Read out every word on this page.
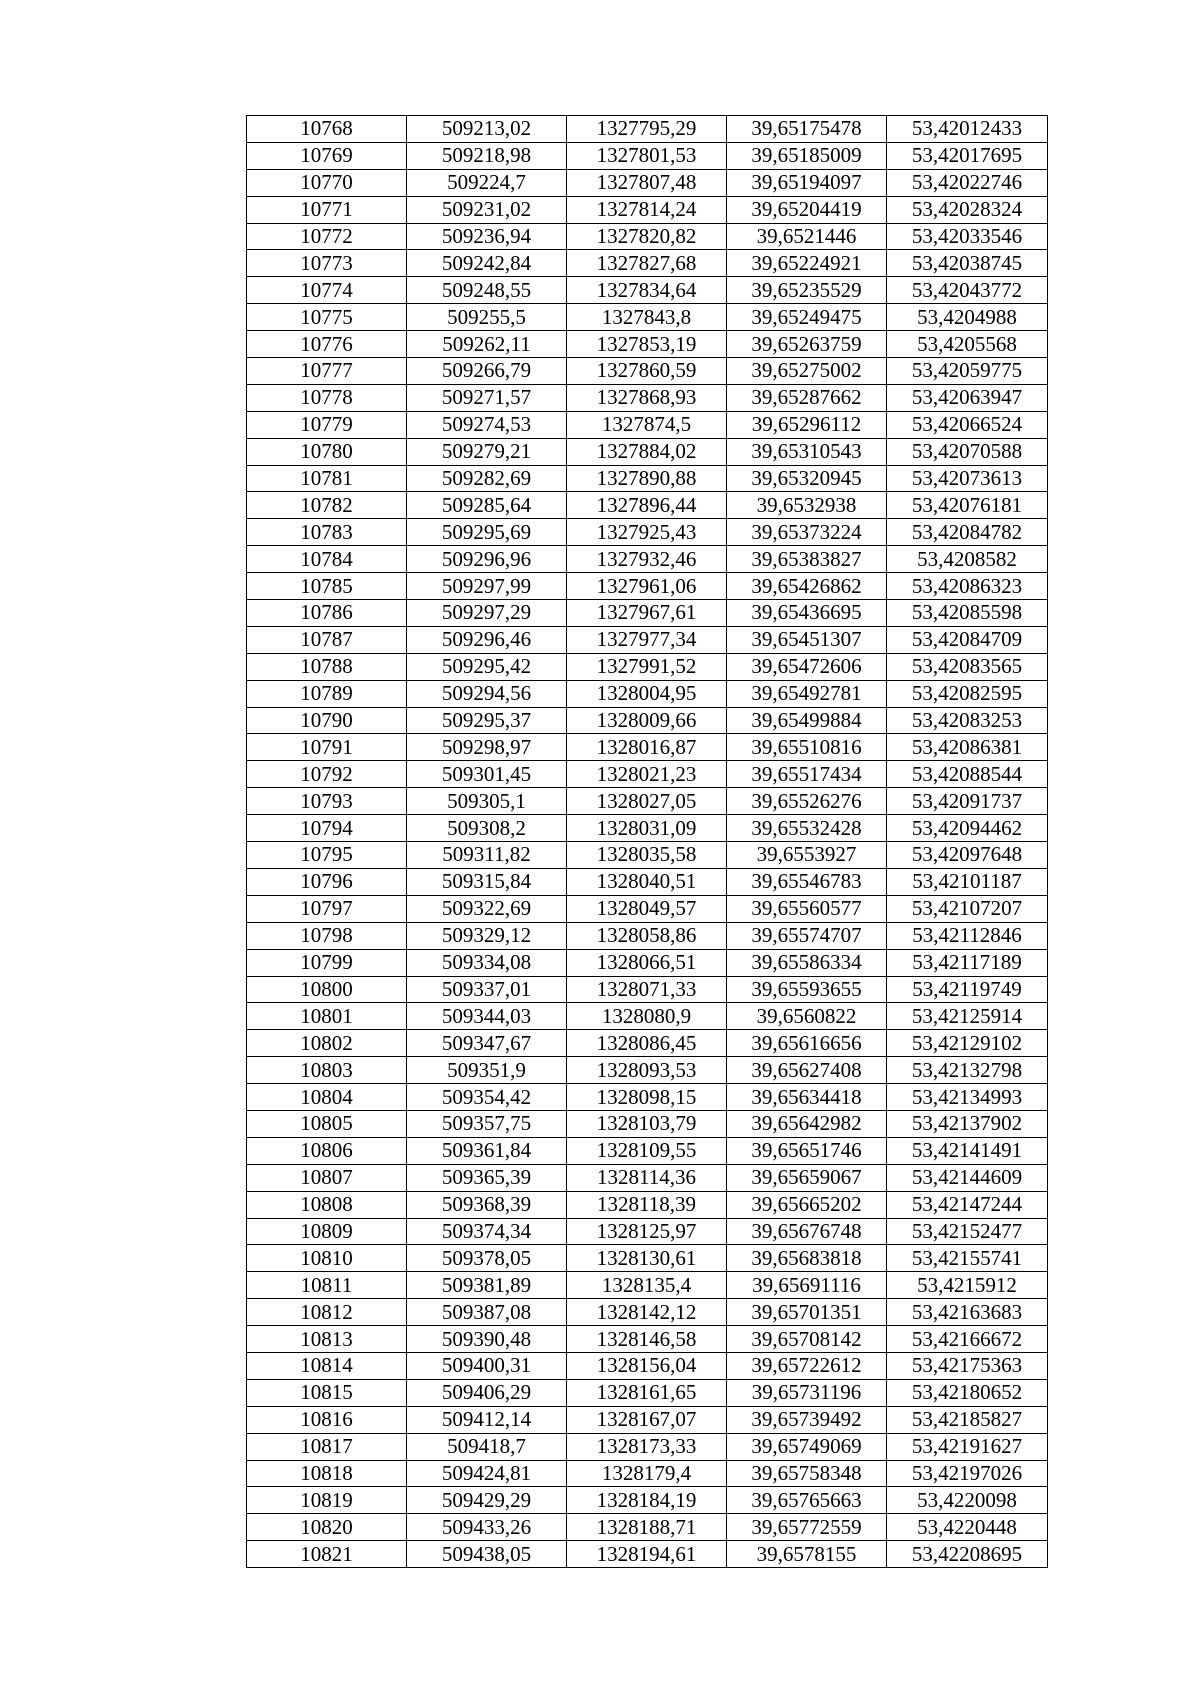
10768	509213,02	1327795,29	39,65175478	53,42012433
10769	509218,98	1327801,53	39,65185009	53,42017695
10770	509224,7	1327807,48	39,65194097	53,42022746
10771	509231,02	1327814,24	39,65204419	53,42028324
10772	509236,94	1327820,82	39,6521446	53,42033546
10773	509242,84	1327827,68	39,65224921	53,42038745
10774	509248,55	1327834,64	39,65235529	53,42043772
10775	509255,5	1327843,8	39,65249475	53,4204988
10776	509262,11	1327853,19	39,65263759	53,4205568
10777	509266,79	1327860,59	39,65275002	53,42059775
10778	509271,57	1327868,93	39,65287662	53,42063947
10779	509274,53	1327874,5	39,65296112	53,42066524
10780	509279,21	1327884,02	39,65310543	53,42070588
10781	509282,69	1327890,88	39,65320945	53,42073613
10782	509285,64	1327896,44	39,6532938	53,42076181
10783	509295,69	1327925,43	39,65373224	53,42084782
10784	509296,96	1327932,46	39,65383827	53,4208582
10785	509297,99	1327961,06	39,65426862	53,42086323
10786	509297,29	1327967,61	39,65436695	53,42085598
10787	509296,46	1327977,34	39,65451307	53,42084709
10788	509295,42	1327991,52	39,65472606	53,42083565
10789	509294,56	1328004,95	39,65492781	53,42082595
10790	509295,37	1328009,66	39,65499884	53,42083253
10791	509298,97	1328016,87	39,65510816	53,42086381
10792	509301,45	1328021,23	39,65517434	53,42088544
10793	509305,1	1328027,05	39,65526276	53,42091737
10794	509308,2	1328031,09	39,65532428	53,42094462
10795	509311,82	1328035,58	39,6553927	53,42097648
10796	509315,84	1328040,51	39,65546783	53,42101187
10797	509322,69	1328049,57	39,65560577	53,42107207
10798	509329,12	1328058,86	39,65574707	53,42112846
10799	509334,08	1328066,51	39,65586334	53,42117189
10800	509337,01	1328071,33	39,65593655	53,42119749
10801	509344,03	1328080,9	39,6560822	53,42125914
10802	509347,67	1328086,45	39,65616656	53,42129102
10803	509351,9	1328093,53	39,65627408	53,42132798
10804	509354,42	1328098,15	39,65634418	53,42134993
10805	509357,75	1328103,79	39,65642982	53,42137902
10806	509361,84	1328109,55	39,65651746	53,42141491
10807	509365,39	1328114,36	39,65659067	53,42144609
10808	509368,39	1328118,39	39,65665202	53,42147244
10809	509374,34	1328125,97	39,65676748	53,42152477
10810	509378,05	1328130,61	39,65683818	53,42155741
10811	509381,89	1328135,4	39,65691116	53,4215912
10812	509387,08	1328142,12	39,65701351	53,42163683
10813	509390,48	1328146,58	39,65708142	53,42166672
10814	509400,31	1328156,04	39,65722612	53,42175363
10815	509406,29	1328161,65	39,65731196	53,42180652
10816	509412,14	1328167,07	39,65739492	53,42185827
10817	509418,7	1328173,33	39,65749069	53,42191627
10818	509424,81	1328179,4	39,65758348	53,42197026
10819	509429,29	1328184,19	39,65765663	53,4220098
10820	509433,26	1328188,71	39,65772559	53,4220448
10821	509438,05	1328194,61	39,6578155	53,42208695
